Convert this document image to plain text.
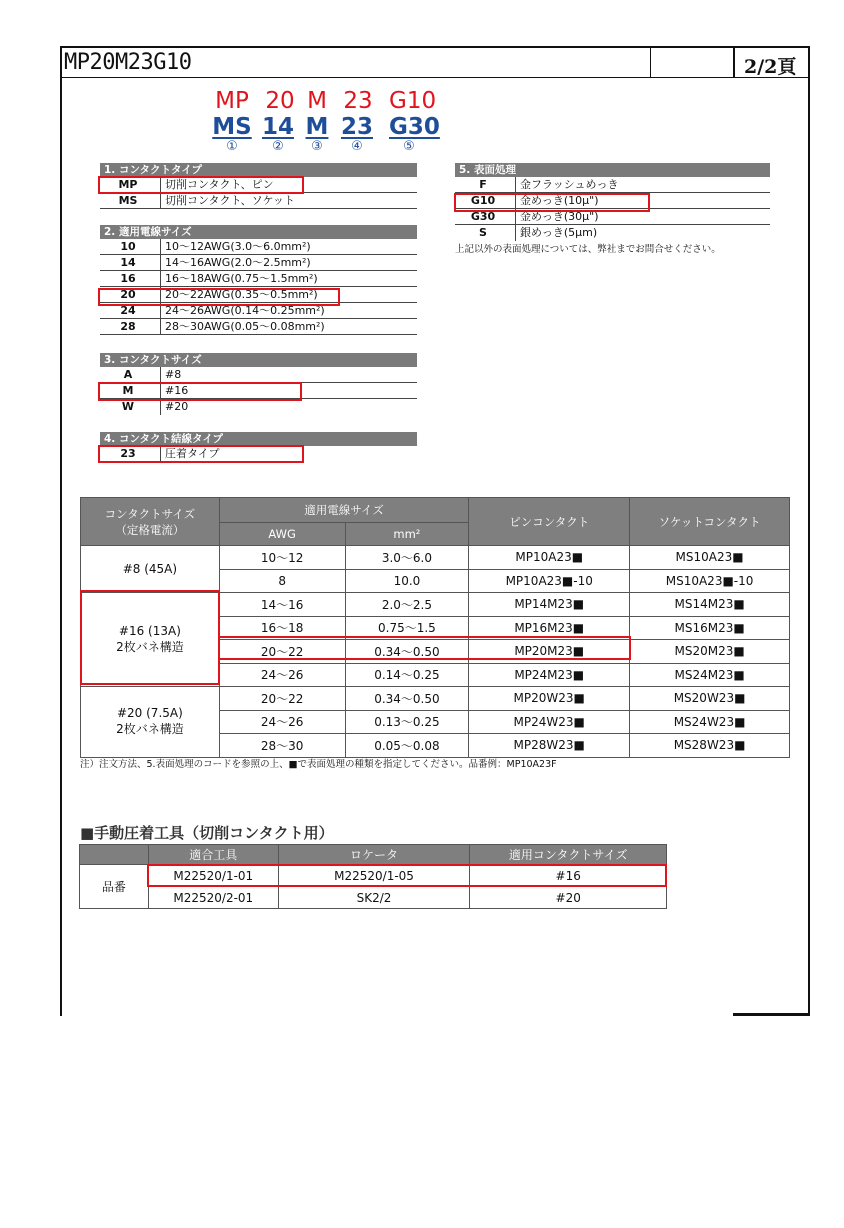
MP20M23G10	2/2頁
MP 20 M 23 G10
MS 14 M 23 G30
①	②	③	④	⑤
1. コンタクトタイプ
MP	切削コンタクト、ピン
MS	切削コンタクト、ソケット
2. 適用電線サイズ
10	10～12AWG(3.0～6.0mm²)
14	14～16AWG(2.0～2.5mm²)
16	16～18AWG(0.75～1.5mm²)
20	20～22AWG(0.35～0.5mm²)
24	24～26AWG(0.14～0.25mm²)
28	28～30AWG(0.05～0.08mm²)
3. コンタクトサイズ
A	#8
M	#16
W	#20
4. コンタクト結線タイプ
23	圧着タイプ
5. 表面処理
F	金フラッシュめっき
G10	金めっき(10μ")
G30	金めっき(30μ")
S	銀めっき(5μm)
上記以外の表面処理については、弊社までお問合せください。
コンタクトサイズ
（定格電流）	適用電線サイズ		ピンコンタクト	ソケットコンタクト
	AWG	mm²		
#8 (45A)	10～12	3.0～6.0	MP10A23■	MS10A23■
	8	10.0	MP10A23■-10	MS10A23■-10
#16 (13A)
2枚バネ構造	14～16	2.0～2.5	MP14M23■	MS14M23■
	16～18	0.75～1.5	MP16M23■	MS16M23■
	20～22	0.34～0.50	MP20M23■	MS20M23■
	24～26	0.14～0.25	MP24M23■	MS24M23■
#20 (7.5A)
2枚バネ構造	20～22	0.34～0.50	MP20W23■	MS20W23■
	24～26	0.13～0.25	MP24W23■	MS24W23■
	28～30	0.05～0.08	MP28W23■	MS28W23■
注）注文方法、5.表面処理のコードを参照の上、■で表面処理の種類を指定してください。品番例：MP10A23F
■手動圧着工具（切削コンタクト用）
	適合工具	ロケータ	適用コンタクトサイズ
品番	M22520/1-01	M22520/1-05	#16
	M22520/2-01	SK2/2	#20
